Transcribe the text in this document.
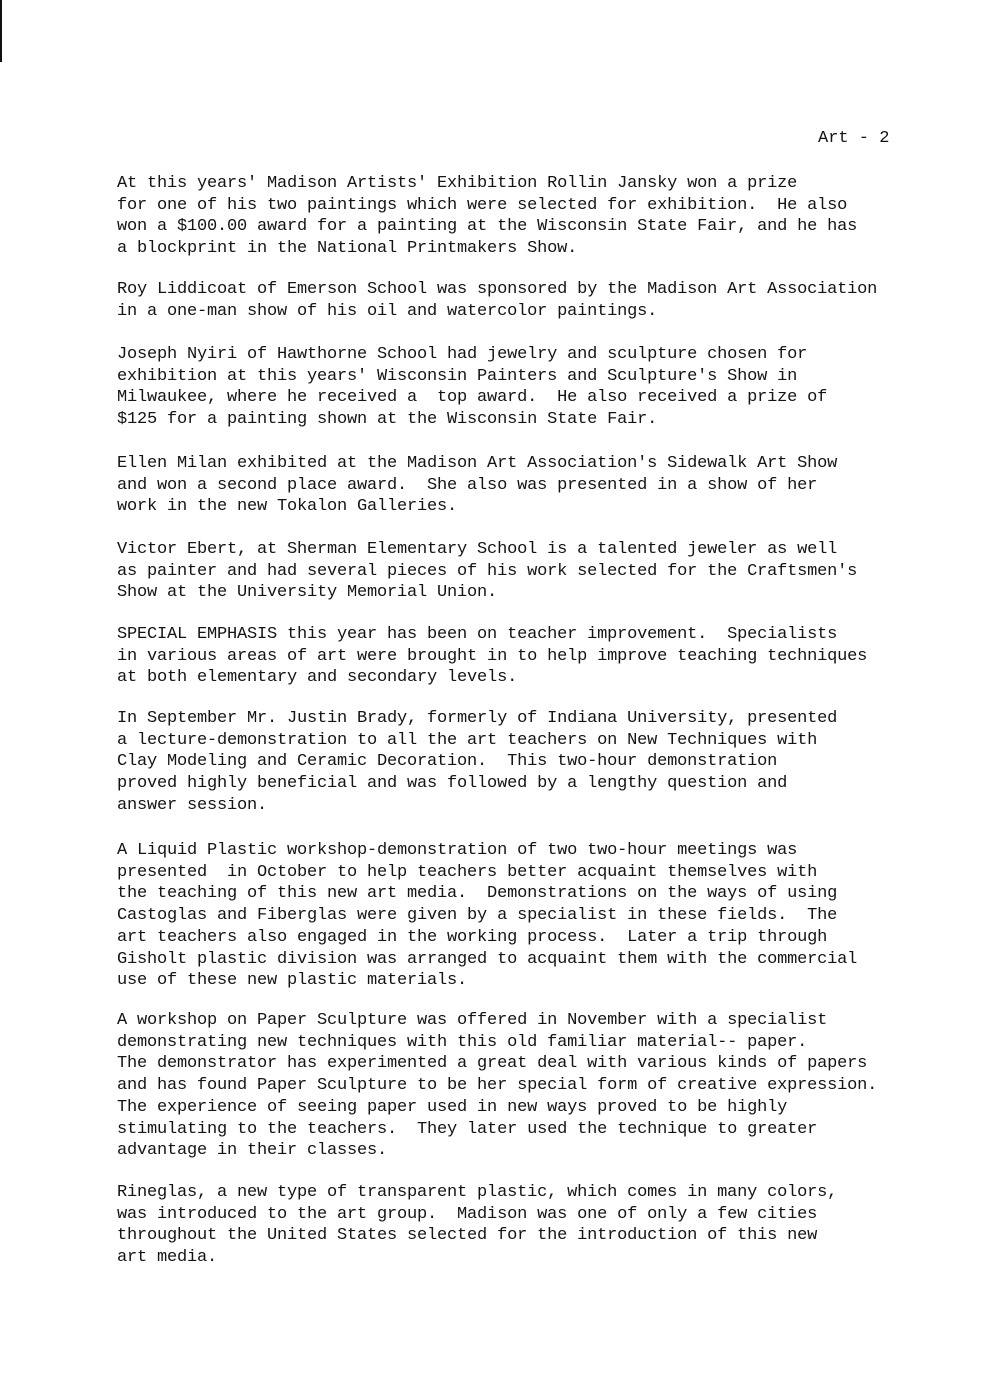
Art - 2

At this years' Madison Artists' Exhibition Rollin Jansky won a prize
for one of his two paintings which were selected for exhibition.  He also
won a $100.00 award for a painting at the Wisconsin State Fair, and he has
a blockprint in the National Printmakers Show.

Roy Liddicoat of Emerson School was sponsored by the Madison Art Association
in a one-man show of his oil and watercolor paintings.

Joseph Nyiri of Hawthorne School had jewelry and sculpture chosen for
exhibition at this years' Wisconsin Painters and Sculpture's Show in
Milwaukee, where he received a  top award.  He also received a prize of
$125 for a painting shown at the Wisconsin State Fair.

Ellen Milan exhibited at the Madison Art Association's Sidewalk Art Show
and won a second place award.  She also was presented in a show of her
work in the new Tokalon Galleries.

Victor Ebert, at Sherman Elementary School is a talented jeweler as well
as painter and had several pieces of his work selected for the Craftsmen's
Show at the University Memorial Union.

SPECIAL EMPHASIS this year has been on teacher improvement.  Specialists
in various areas of art were brought in to help improve teaching techniques
at both elementary and secondary levels.

In September Mr. Justin Brady, formerly of Indiana University, presented
a lecture-demonstration to all the art teachers on New Techniques with
Clay Modeling and Ceramic Decoration.  This two-hour demonstration
proved highly beneficial and was followed by a lengthy question and
answer session.

A Liquid Plastic workshop-demonstration of two two-hour meetings was
presented  in October to help teachers better acquaint themselves with
the teaching of this new art media.  Demonstrations on the ways of using
Castoglas and Fiberglas were given by a specialist in these fields.  The
art teachers also engaged in the working process.  Later a trip through
Gisholt plastic division was arranged to acquaint them with the commercial
use of these new plastic materials.

A workshop on Paper Sculpture was offered in November with a specialist
demonstrating new techniques with this old familiar material-- paper.
The demonstrator has experimented a great deal with various kinds of papers
and has found Paper Sculpture to be her special form of creative expression.
The experience of seeing paper used in new ways proved to be highly
stimulating to the teachers.  They later used the technique to greater
advantage in their classes.

Rineglas, a new type of transparent plastic, which comes in many colors,
was introduced to the art group.  Madison was one of only a few cities
throughout the United States selected for the introduction of this new
art media.
